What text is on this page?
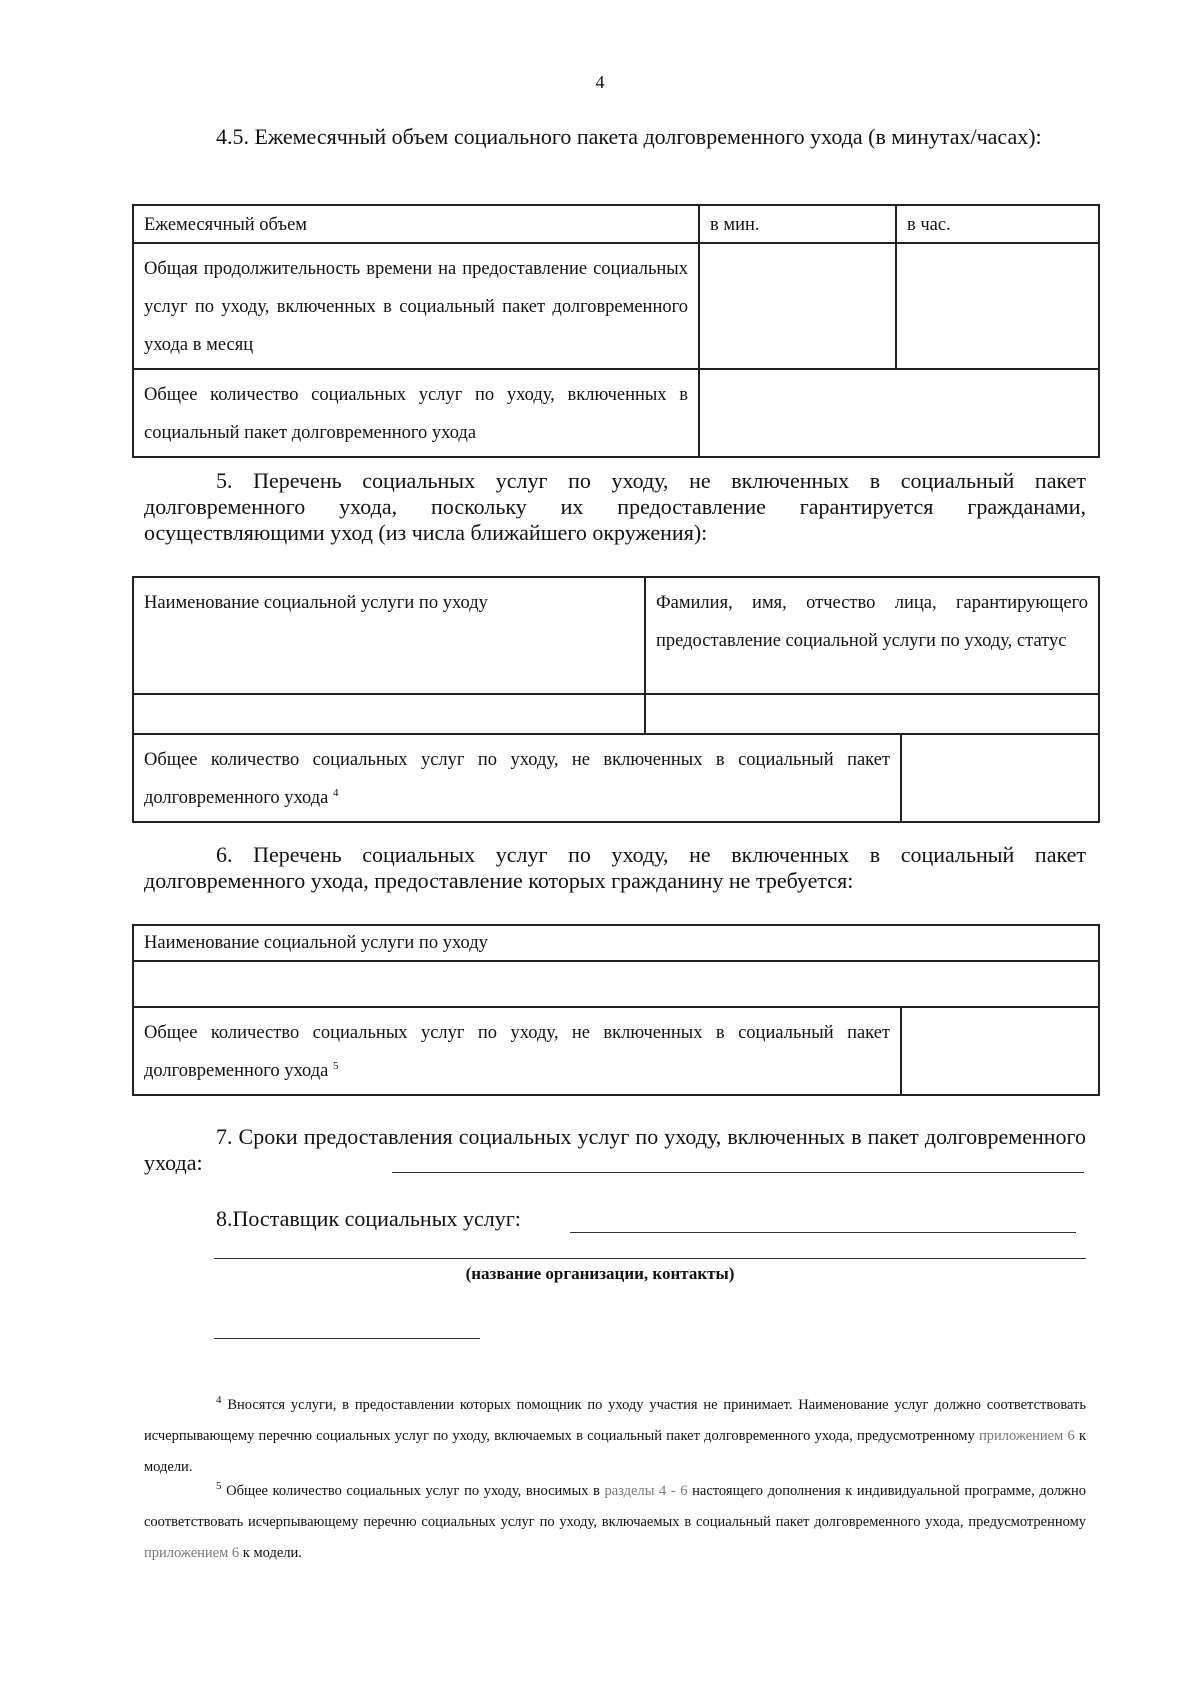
4
4.5. Ежемесячный объем социального пакета долговременного ухода (в минутах/часах):
Ежемесячный объем	в мин.	в час.
Общая продолжительность времени на предоставление социальных услуг по уходу, включенных в социальный пакет долговременного ухода в месяц		
Общее количество социальных услуг по уходу, включенных в социальный пакет долговременного ухода		
5. Перечень социальных услуг по уходу, не включенных в социальный пакет долговременного ухода, поскольку их предоставление гарантируется гражданами, осуществляющими уход (из числа ближайшего окружения):
Наименование социальной услуги по уходу	Фамилия, имя, отчество лица, гарантирующего предоставление социальной услуги по уходу, статус	

Общее количество социальных услуг по уходу, не включенных в социальный пакет долговременного ухода $^4$	
6. Перечень социальных услуг по уходу, не включенных в социальный пакет долговременного ухода, предоставление которых гражданину не требуется:
Наименование социальной услуги по уходу

Общее количество социальных услуг по уходу, не включенных в социальный пакет долговременного ухода $^5$	
7. Сроки предоставления социальных услуг по уходу, включенных в пакет долговременного ухода:
8.Поставщик социальных услуг:
(название организации, контакты)
$^4$ Вносятся услуги, в предоставлении которых помощник по уходу участия не принимает. Наименование услуг должно соответствовать исчерпывающему перечню социальных услуг по уходу, включаемых в социальный пакет долговременного ухода, предусмотренному приложением 6 к модели.
$^5$ Общее количество социальных услуг по уходу, вносимых в разделы 4 - 6 настоящего дополнения к индивидуальной программе, должно соответствовать исчерпывающему перечню социальных услуг по уходу, включаемых в социальный пакет долговременного ухода, предусмотренному приложением 6 к модели.
